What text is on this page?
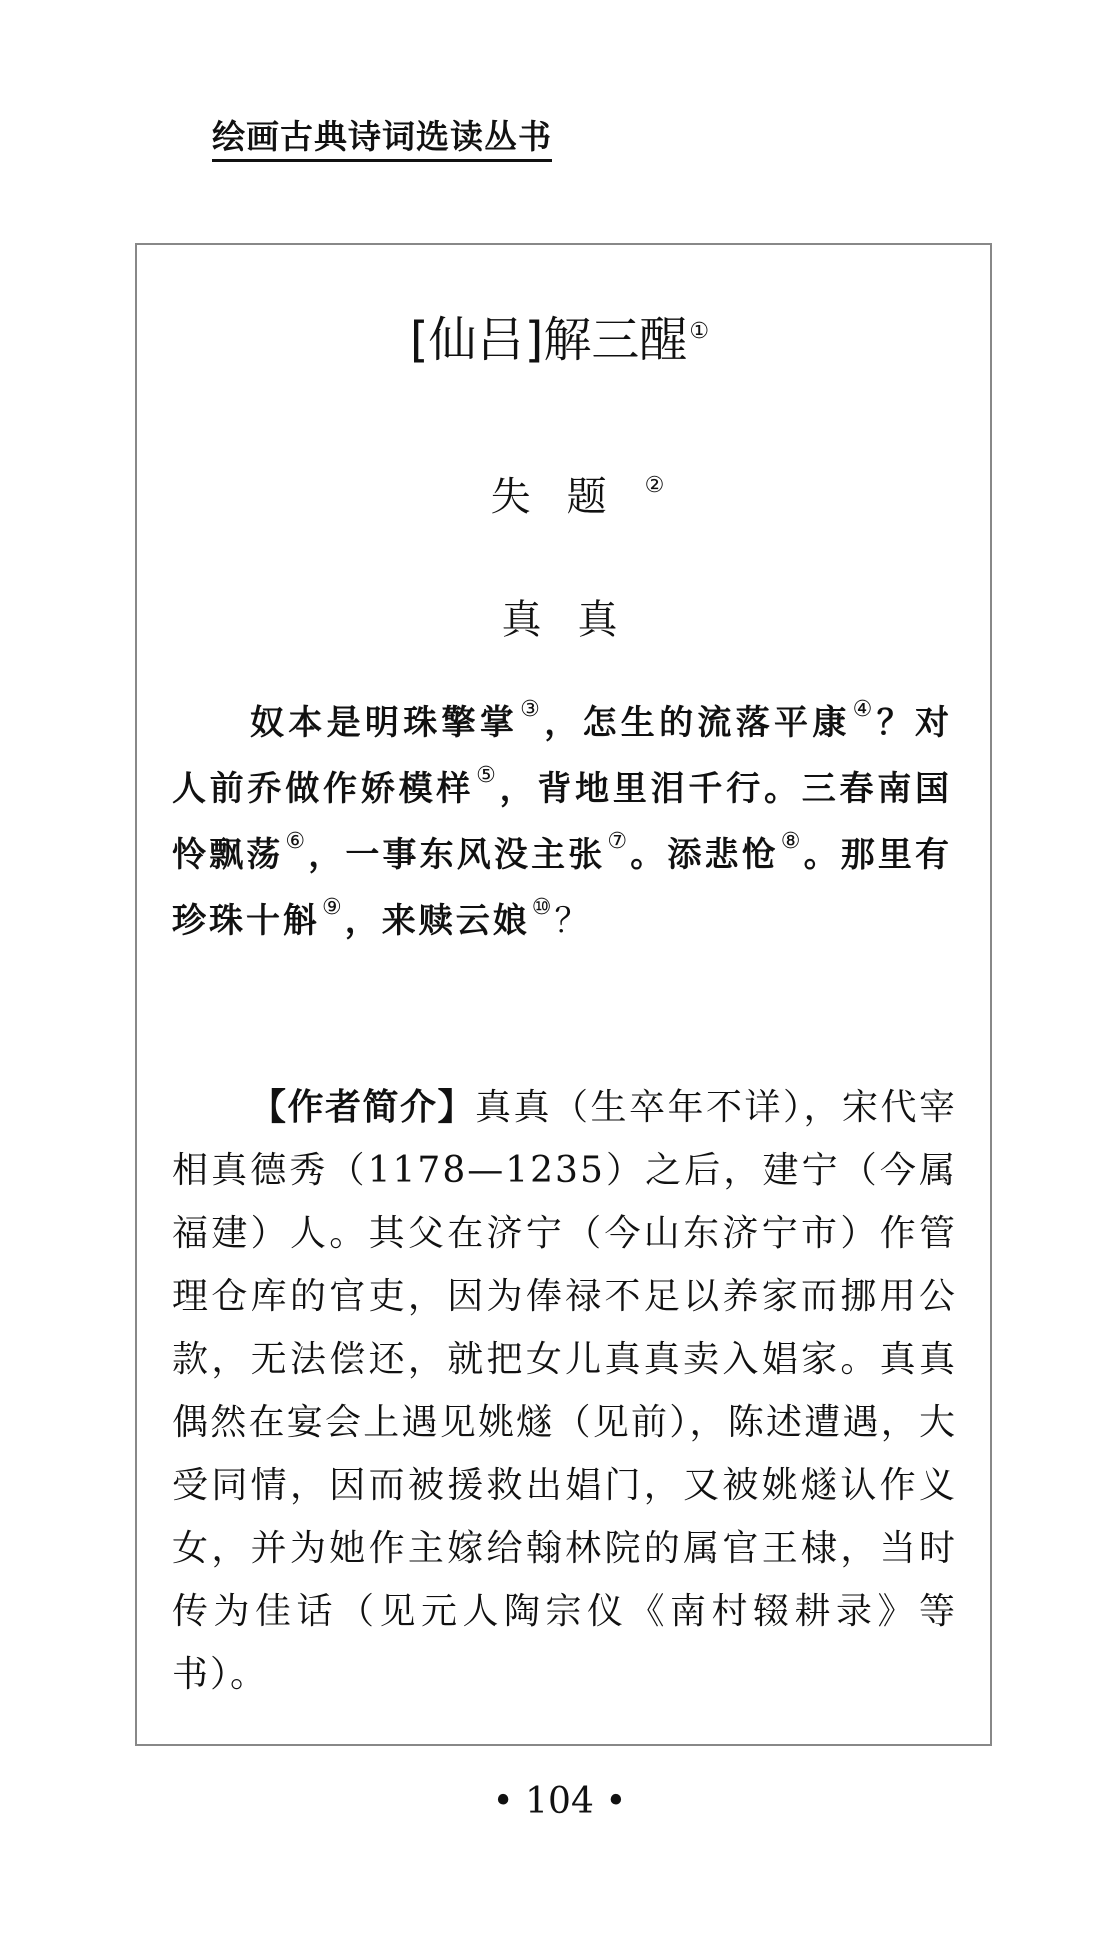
绘画古典诗词选读丛书
[仙吕]解三醒①
失题②
真真

奴本是明珠擎掌③，怎生的流落平康④？对人前乔做作娇模样⑤，背地里泪千行。三春南国怜飘荡⑥，一事东风没主张⑦。添悲怆⑧。那里有珍珠十斛⑨，来赎云娘⑩？

【作者简介】真真（生卒年不详），宋代宰相真德秀（1178—1235）之后，建宁（今属福建）人。其父在济宁（今山东济宁市）作管理仓库的官吏，因为俸禄不足以养家而挪用公款，无法偿还，就把女儿真真卖入娼家。真真偶然在宴会上遇见姚燧（见前），陈述遭遇，大受同情，因而被援救出娼门，又被姚燧认作义女，并为她作主嫁给翰林院的属官王棣，当时传为佳话（见元人陶宗仪《南村辍耕录》等书）。

• 104 •
